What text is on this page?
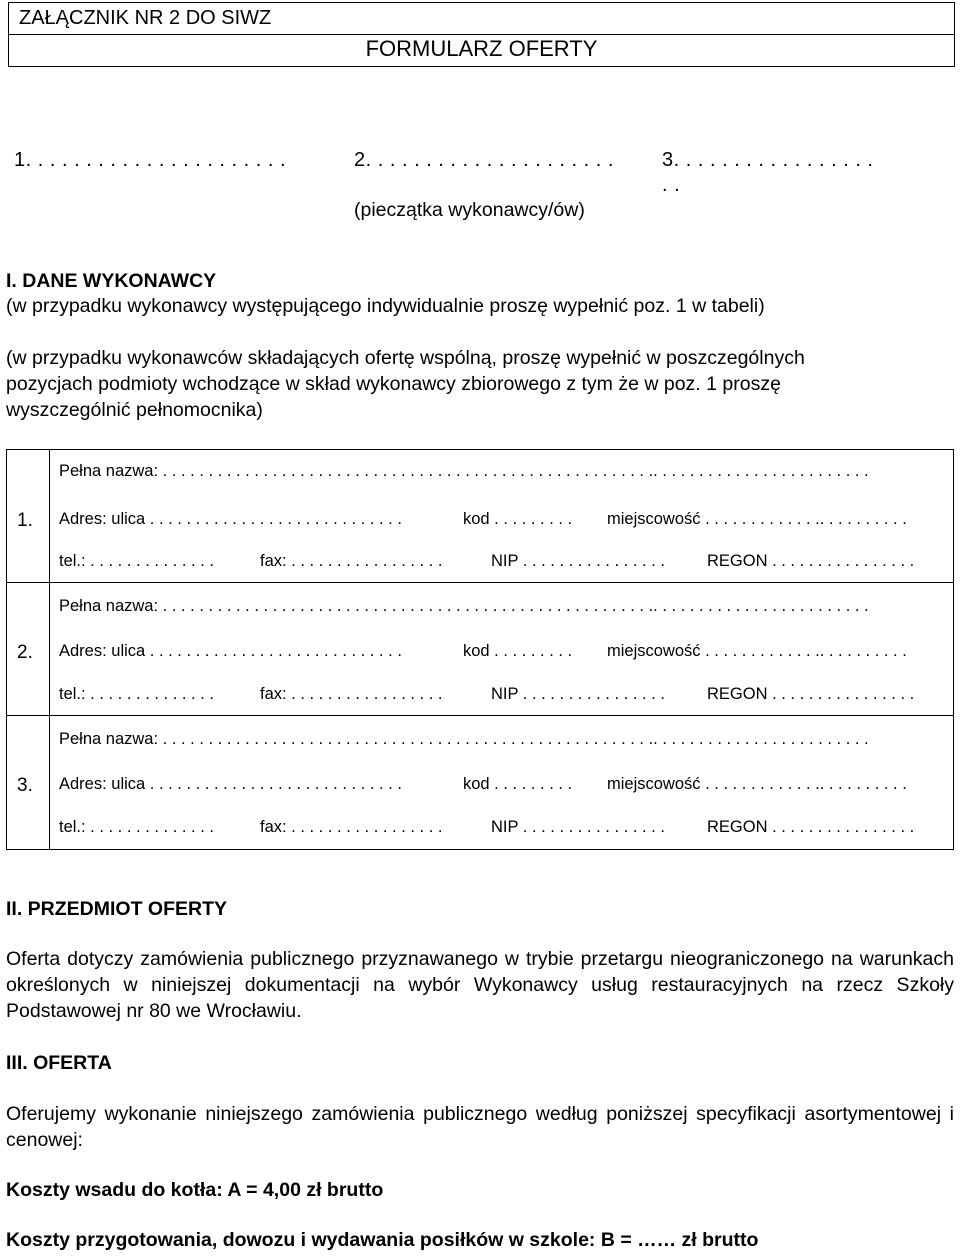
ZAŁĄCZNIK NR 2 DO SIWZ
FORMULARZ OFERTY
1. . . . . . . . . . . . . . . . . . . . . .	2. . . . . . . . . . . . . . . . . . . . . 3. . . . . . . . . . . . . . . . .
. .
(pieczątka wykonawcy/ów)
I. DANE WYKONAWCY
(w przypadku wykonawcy występującego indywidualnie proszę wypełnić poz. 1 w tabeli)
(w przypadku wykonawców składających ofertę wspólną, proszę wypełnić w poszczególnych
pozycjach podmioty wchodzące w skład wykonawcy zbiorowego z tym że w poz. 1 proszę
wyszczególnić pełnomocnika)
1.
Pełna nazwa: . . . . . . . . . . . . . . . . . . . . . . . . . . . . . . . . . . . . . . . . . . . . . . . . . . . . . .. . . . . . . . . . . . . . . . . . . . . . . .
Adres: ulica . . . . . . . . . . . . . . . . . . . . . . . . . . . .	kod . . . . . . . . . miejscowość . . . . . . . . . . . . .. . . . . . . . . .
tel.: . . . . . . . . . . . . . .	fax: . . . . . . . . . . . . . . . . .	NIP . . . . . . . . . . . . . . . .	REGON . . . . . . . . . . . . . . . .
2.
Pełna nazwa: . . . . . . . . . . . . . . . . . . . . . . . . . . . . . . . . . . . . . . . . . . . . . . . . . . . . . .. . . . . . . . . . . . . . . . . . . . . . . .
Adres: ulica . . . . . . . . . . . . . . . . . . . . . . . . . . . .	kod . . . . . . . . . miejscowość . . . . . . . . . . . . .. . . . . . . . . .
tel.: . . . . . . . . . . . . . .	fax: . . . . . . . . . . . . . . . . .	NIP . . . . . . . . . . . . . . . .	REGON . . . . . . . . . . . . . . . .
3.
Pełna nazwa: . . . . . . . . . . . . . . . . . . . . . . . . . . . . . . . . . . . . . . . . . . . . . . . . . . . . . .. . . . . . . . . . . . . . . . . . . . . . . .
Adres: ulica . . . . . . . . . . . . . . . . . . . . . . . . . . . .	kod . . . . . . . . . miejscowość . . . . . . . . . . . . .. . . . . . . . . .
tel.: . . . . . . . . . . . . . .	fax: . . . . . . . . . . . . . . . . .	NIP . . . . . . . . . . . . . . . .	REGON . . . . . . . . . . . . . . . .
II. PRZEDMIOT OFERTY
Oferta dotyczy zamówienia publicznego przyznawanego w trybie przetargu nieograniczonego na warunkach określonych w niniejszej dokumentacji na wybór Wykonawcy usług restauracyjnych na rzecz Szkoły Podstawowej nr 80 we Wrocławiu.
III. OFERTA
Oferujemy wykonanie niniejszego zamówienia publicznego według poniższej specyfikacji asortymentowej i cenowej:
Koszty wsadu do kotła: A = 4,00 zł brutto
Koszty przygotowania, dowozu i wydawania posiłków w szkole: B = …… zł brutto
